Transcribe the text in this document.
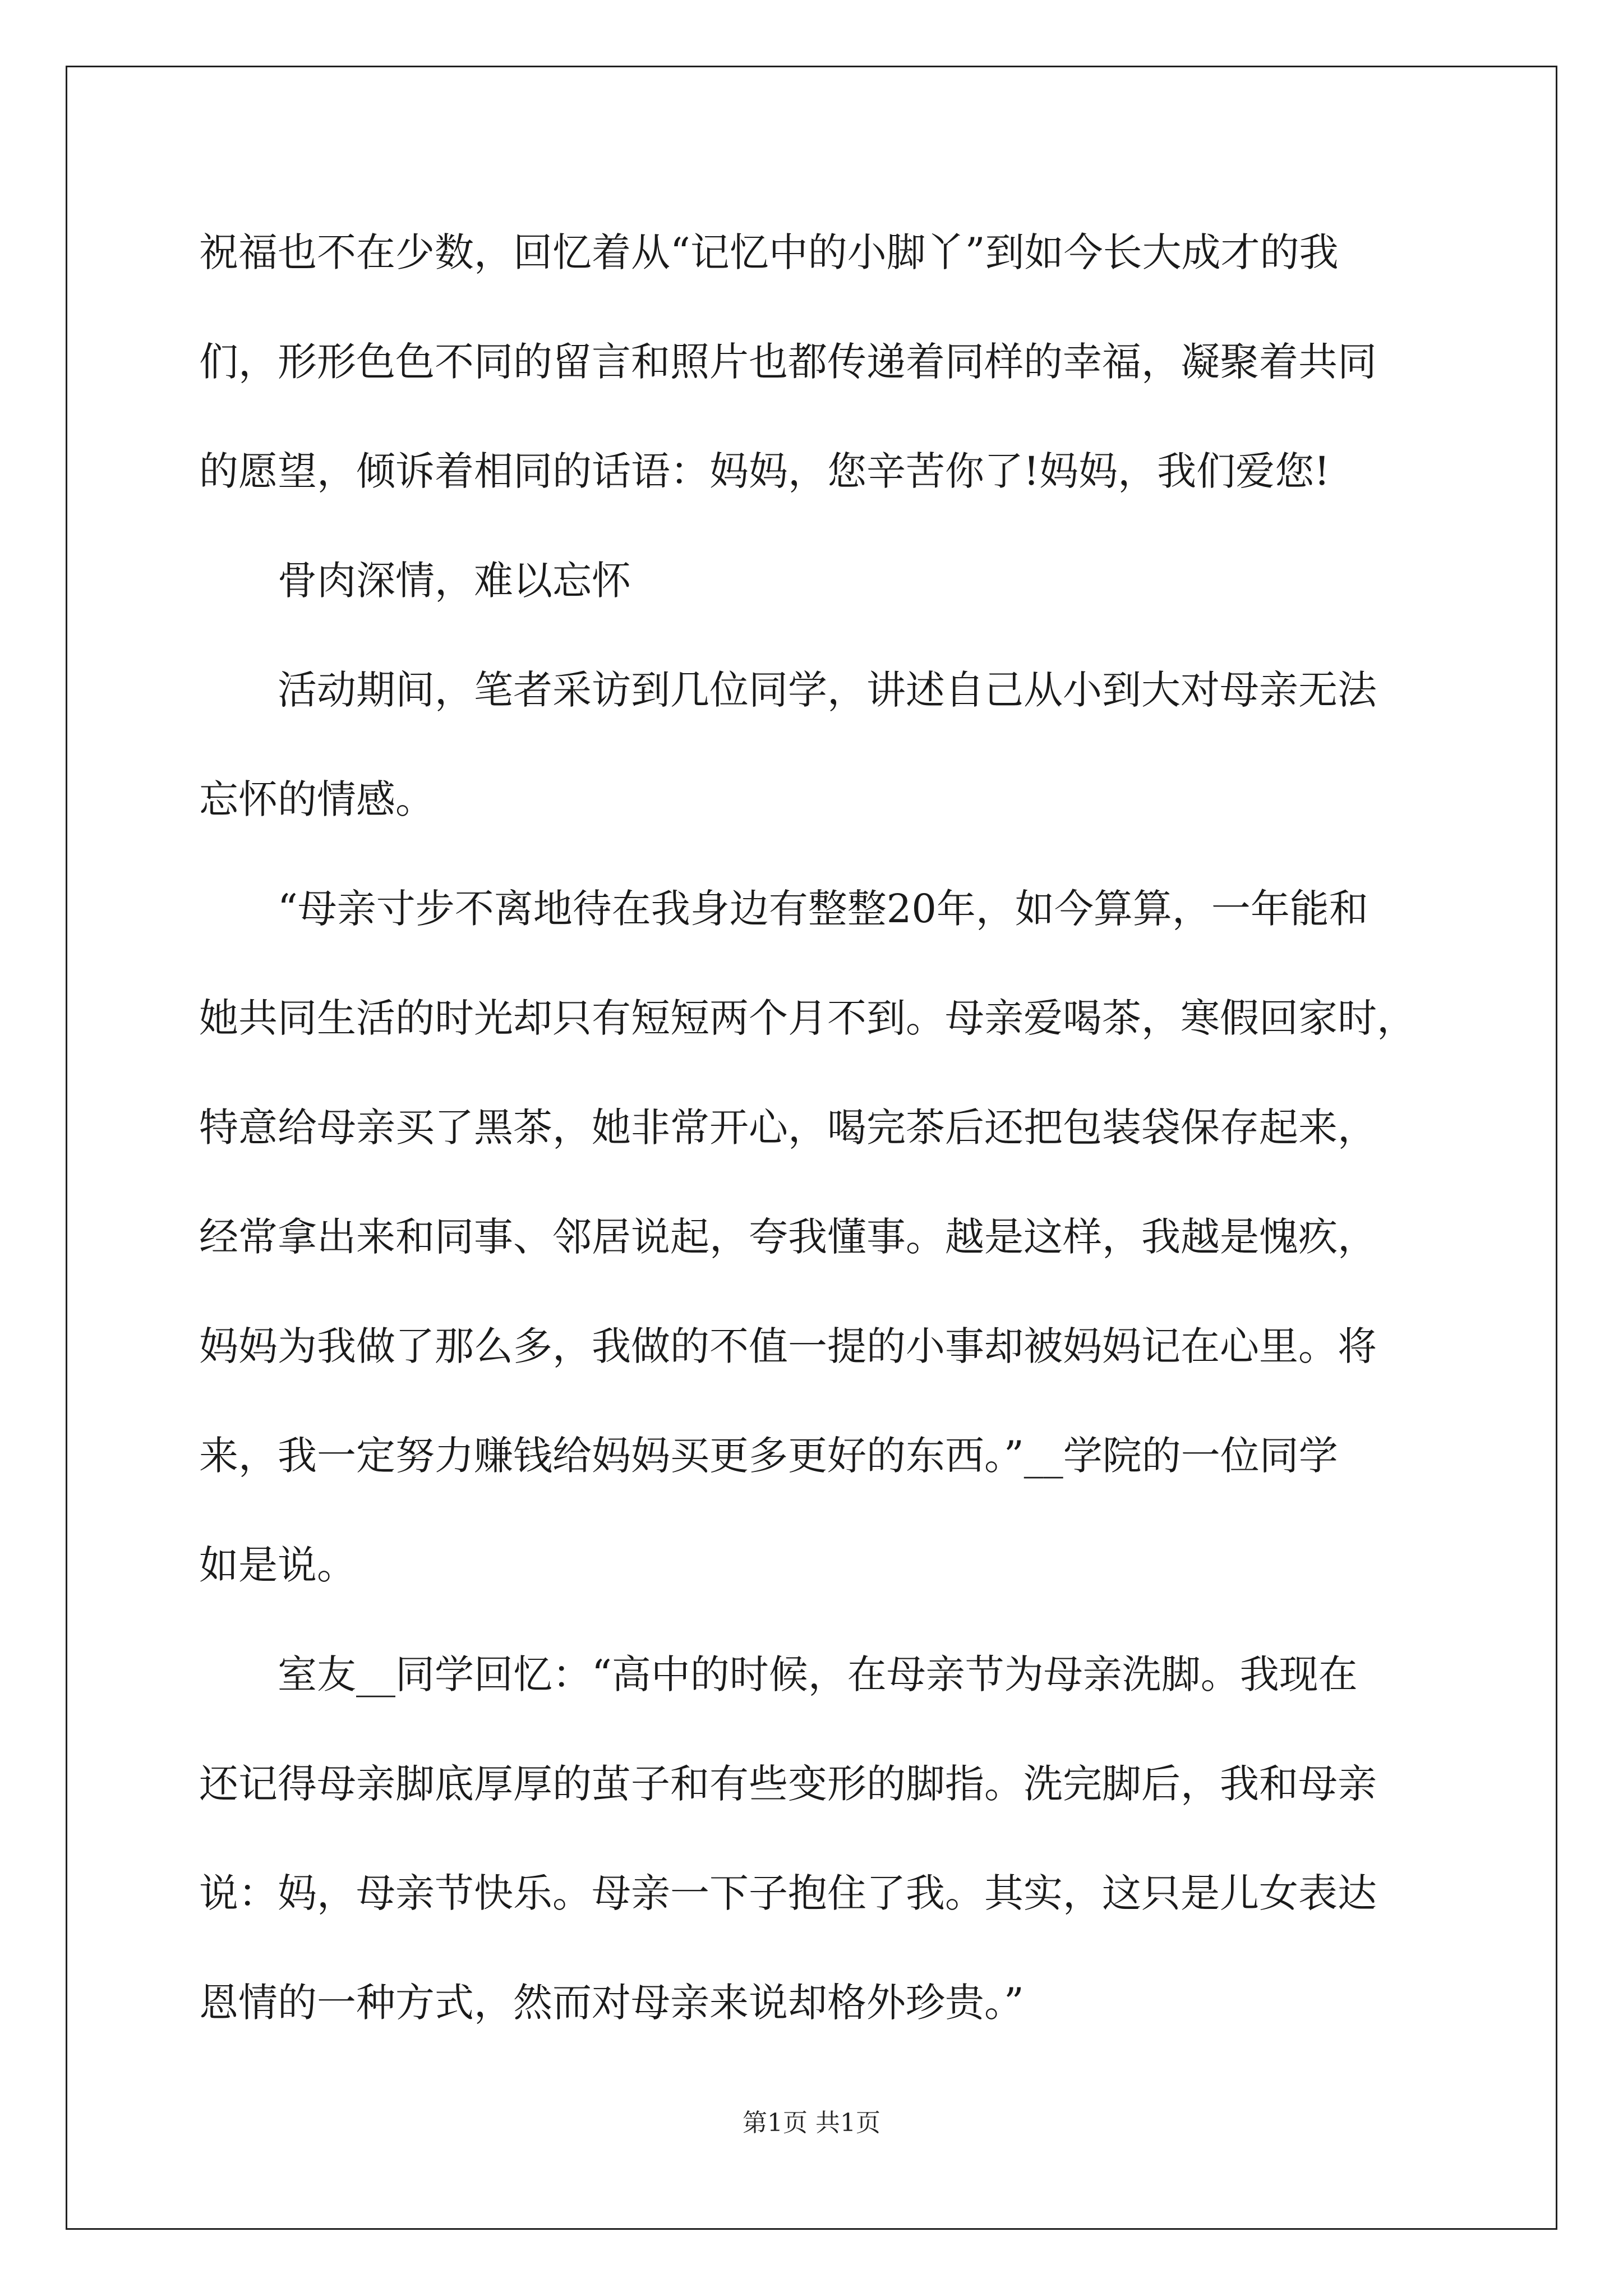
祝福也不在少数，回忆着从“记忆中的小脚丫”到如今长大成才的我
们，形形色色不同的留言和照片也都传递着同样的幸福，凝聚着共同
的愿望，倾诉着相同的话语：妈妈，您辛苦你了!妈妈，我们爱您!
骨肉深情，难以忘怀
活动期间，笔者采访到几位同学，讲述自己从小到大对母亲无法
忘怀的情感。
“母亲寸步不离地待在我身边有整整20年，如今算算，一年能和
她共同生活的时光却只有短短两个月不到。母亲爱喝茶，寒假回家时，
特意给母亲买了黑茶，她非常开心，喝完茶后还把包装袋保存起来，
经常拿出来和同事、邻居说起，夸我懂事。越是这样，我越是愧疚，
妈妈为我做了那么多，我做的不值一提的小事却被妈妈记在心里。将
来，我一定努力赚钱给妈妈买更多更好的东西。”__学院的一位同学
如是说。
室友__同学回忆：“高中的时候，在母亲节为母亲洗脚。我现在
还记得母亲脚底厚厚的茧子和有些变形的脚指。洗完脚后，我和母亲
说：妈，母亲节快乐。母亲一下子抱住了我。其实，这只是儿女表达
恩情的一种方式，然而对母亲来说却格外珍贵。”
第1页 共1页
